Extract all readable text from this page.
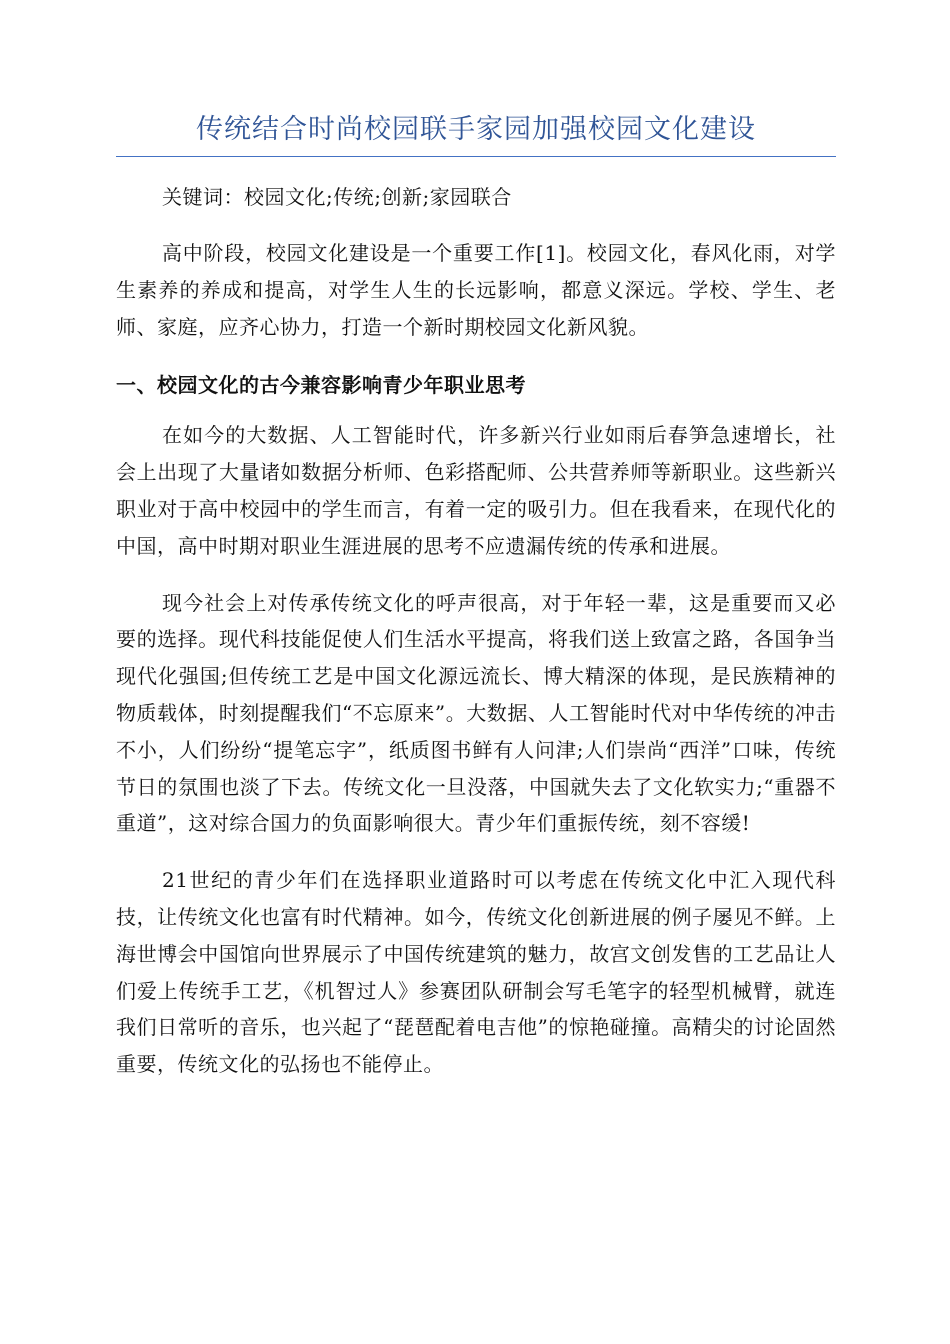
传统结合时尚校园联手家园加强校园文化建设

关键词：校园文化;传统;创新;家园联合

高中阶段，校园文化建设是一个重要工作[1]。校园文化，春风化雨，对学生素养的养成和提高，对学生人生的长远影响，都意义深远。学校、学生、老师、家庭，应齐心协力，打造一个新时期校园文化新风貌。

一、校园文化的古今兼容影响青少年职业思考

在如今的大数据、人工智能时代，许多新兴行业如雨后春笋急速增长，社会上出现了大量诸如数据分析师、色彩搭配师、公共营养师等新职业。这些新兴职业对于高中校园中的学生而言，有着一定的吸引力。但在我看来，在现代化的中国，高中时期对职业生涯进展的思考不应遗漏传统的传承和进展。

现今社会上对传承传统文化的呼声很高，对于年轻一辈，这是重要而又必要的选择。现代科技能促使人们生活水平提高，将我们送上致富之路，各国争当现代化强国;但传统工艺是中国文化源远流长、博大精深的体现，是民族精神的物质载体，时刻提醒我们“不忘原来”。大数据、人工智能时代对中华传统的冲击不小，人们纷纷“提笔忘字”，纸质图书鲜有人问津;人们崇尚“西洋”口味，传统节日的氛围也淡了下去。传统文化一旦没落，中国就失去了文化软实力;“重器不重道”，这对综合国力的负面影响很大。青少年们重振传统，刻不容缓!

21世纪的青少年们在选择职业道路时可以考虑在传统文化中汇入现代科技，让传统文化也富有时代精神。如今，传统文化创新进展的例子屡见不鲜。上海世博会中国馆向世界展示了中国传统建筑的魅力，故宫文创发售的工艺品让人们爱上传统手工艺，《机智过人》参赛团队研制会写毛笔字的轻型机械臂，就连我们日常听的音乐，也兴起了“琵琶配着电吉他”的惊艳碰撞。高精尖的讨论固然重要，传统文化的弘扬也不能停止。
